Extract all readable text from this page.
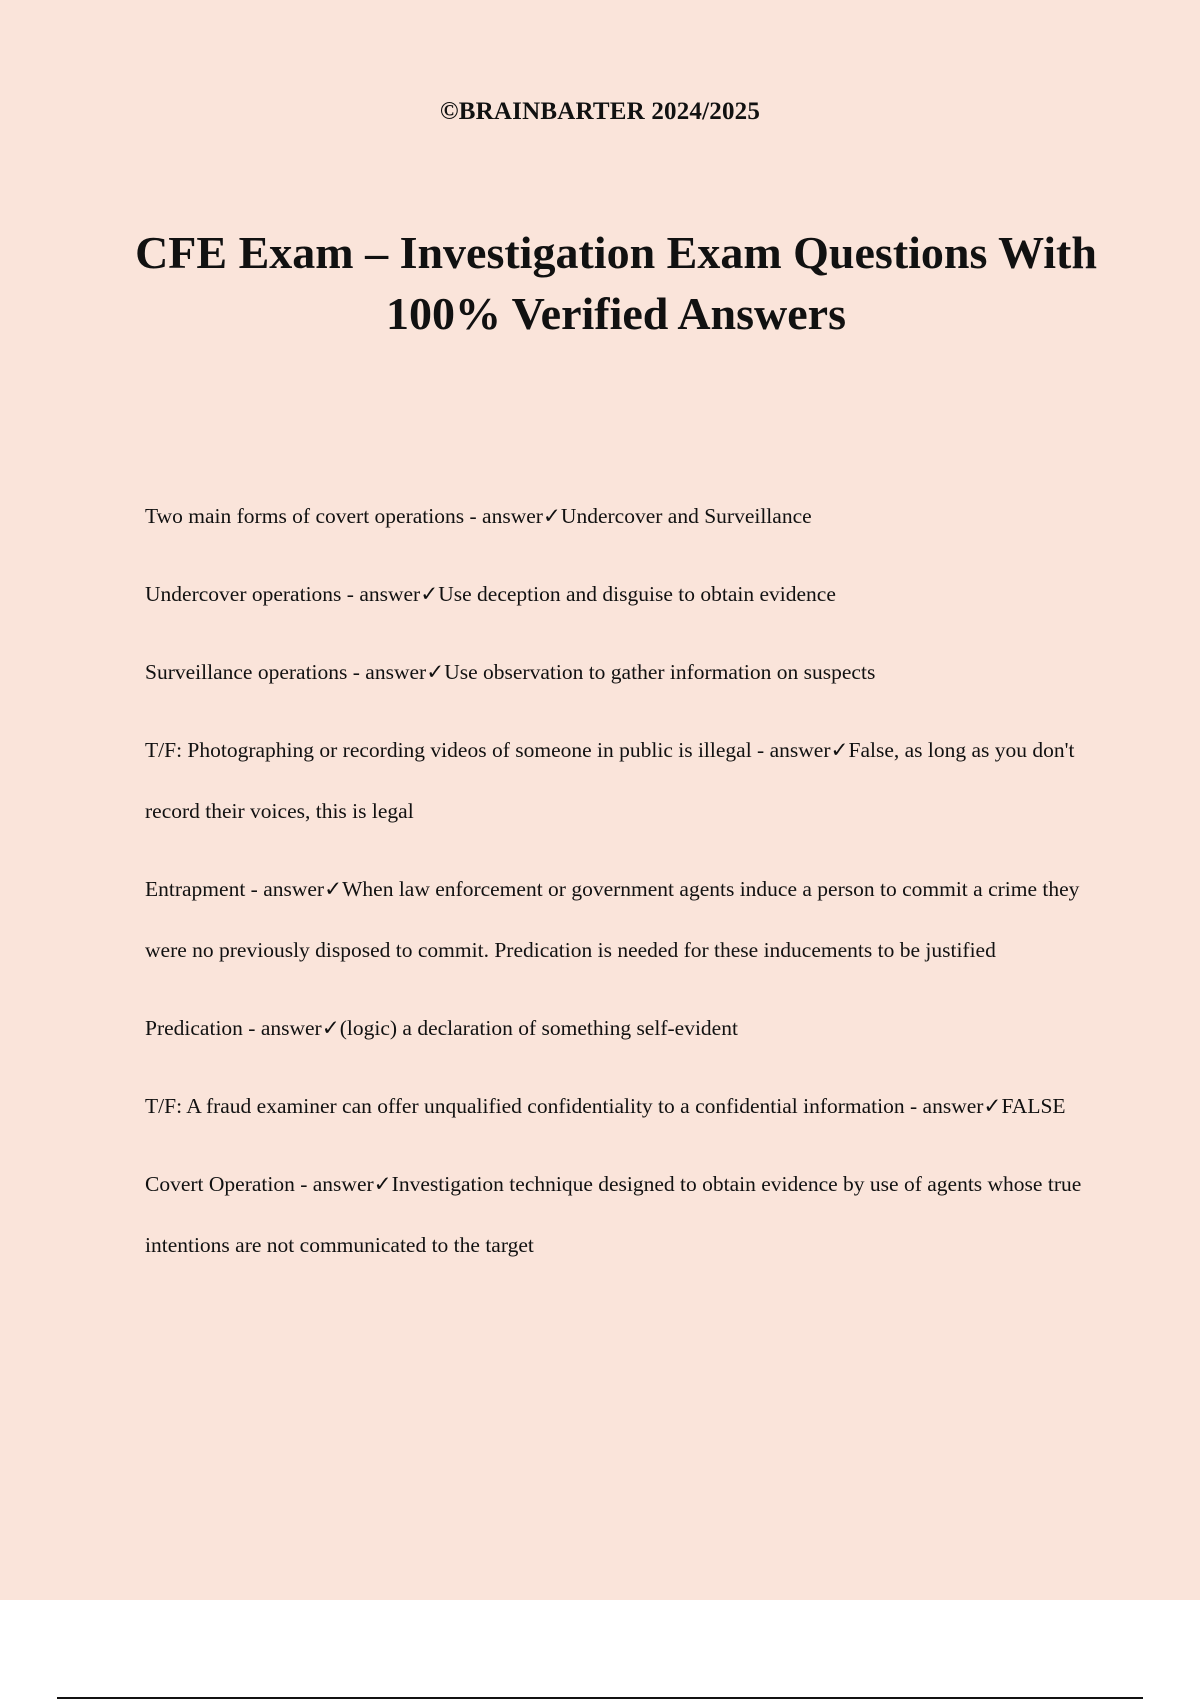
©BRAINBARTER 2024/2025
CFE Exam – Investigation Exam Questions With 100% Verified Answers

Two main forms of covert operations - answer✓Undercover and Surveillance

Undercover operations - answer✓Use deception and disguise to obtain evidence

Surveillance operations - answer✓Use observation to gather information on suspects

T/F: Photographing or recording videos of someone in public is illegal - answer✓False, as long as you don't record their voices, this is legal

Entrapment - answer✓When law enforcement or government agents induce a person to commit a crime they were no previously disposed to commit. Predication is needed for these inducements to be justified

Predication - answer✓(logic) a declaration of something self-evident

T/F: A fraud examiner can offer unqualified confidentiality to a confidential information - answer✓FALSE

Covert Operation - answer✓Investigation technique designed to obtain evidence by use of agents whose true intentions are not communicated to the target
